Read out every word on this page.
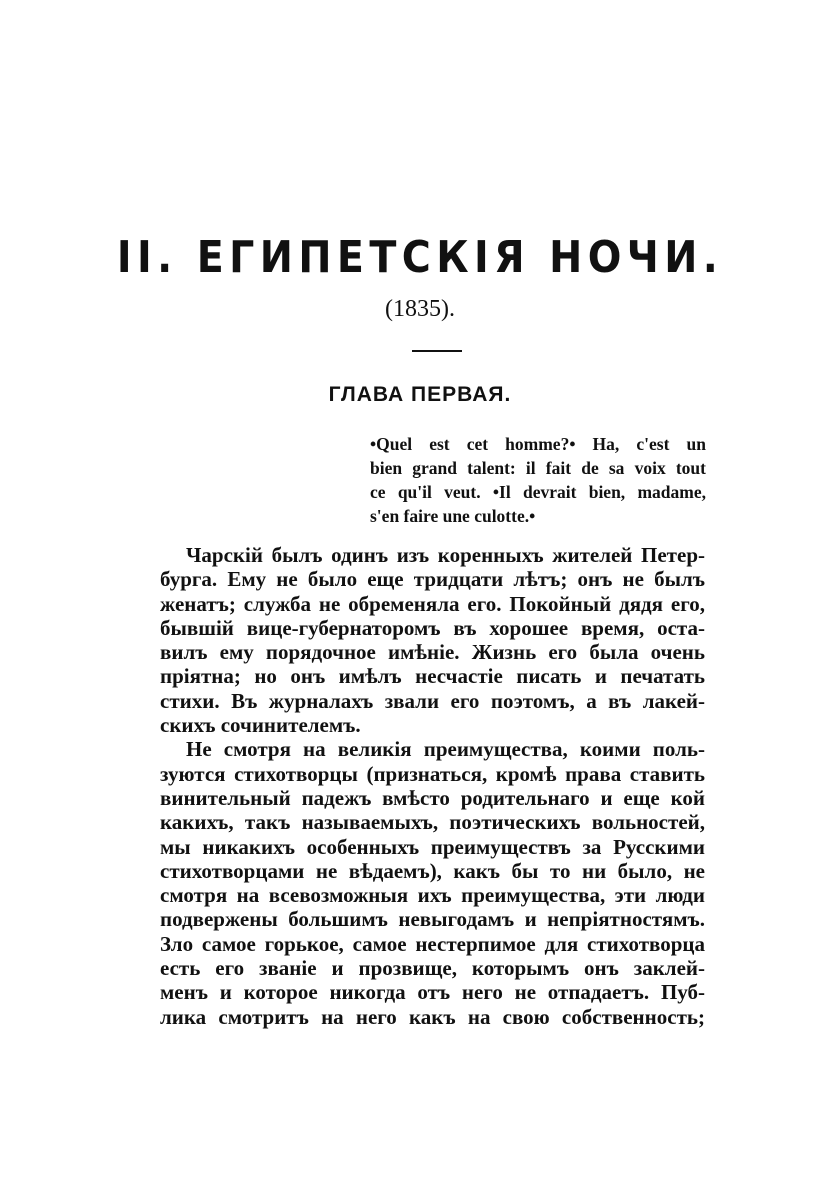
II. ЕГИПЕТСКІЯ НОЧИ.

(1835).

ГЛАВА ПЕРВАЯ.
•Quel est cet homme?• Ha, c'est un
bien grand talent: il fait de sa voix tout
ce qu'il veut. •Il devrait bien, madame,
s'en faire une culotte.•
Чарскій былъ одинъ изъ коренныхъ жителей Петер-
бурга. Ему не было еще тридцати лѣтъ; онъ не былъ
женатъ; служба не обременяла его. Покойный дядя его,
бывшій вице-губернаторомъ въ хорошее время, оста-
вилъ ему порядочное имѣніе. Жизнь его была очень
пріятна; но онъ имѣлъ несчастіе писать и печатать
стихи. Въ журналахъ звали его поэтомъ, а въ лакей-
скихъ сочинителемъ.
Не смотря на великія преимущества, коими поль-
зуются стихотворцы (признаться, кромѣ права ставить
винительный падежъ вмѣсто родительнаго и еще кой
какихъ, такъ называемыхъ, поэтическихъ вольностей,
мы никакихъ особенныхъ преимуществъ за Русскими
стихотворцами не вѣдаемъ), какъ бы то ни было, не
смотря на всевозможныя ихъ преимущества, эти люди
подвержены большимъ невыгодамъ и непріятностямъ.
Зло самое горькое, самое нестерпимое для стихотворца
есть его званіе и прозвище, которымъ онъ заклей-
менъ и которое никогда отъ него не отпадаетъ. Пуб-
лика смотритъ на него какъ на свою собственность;
